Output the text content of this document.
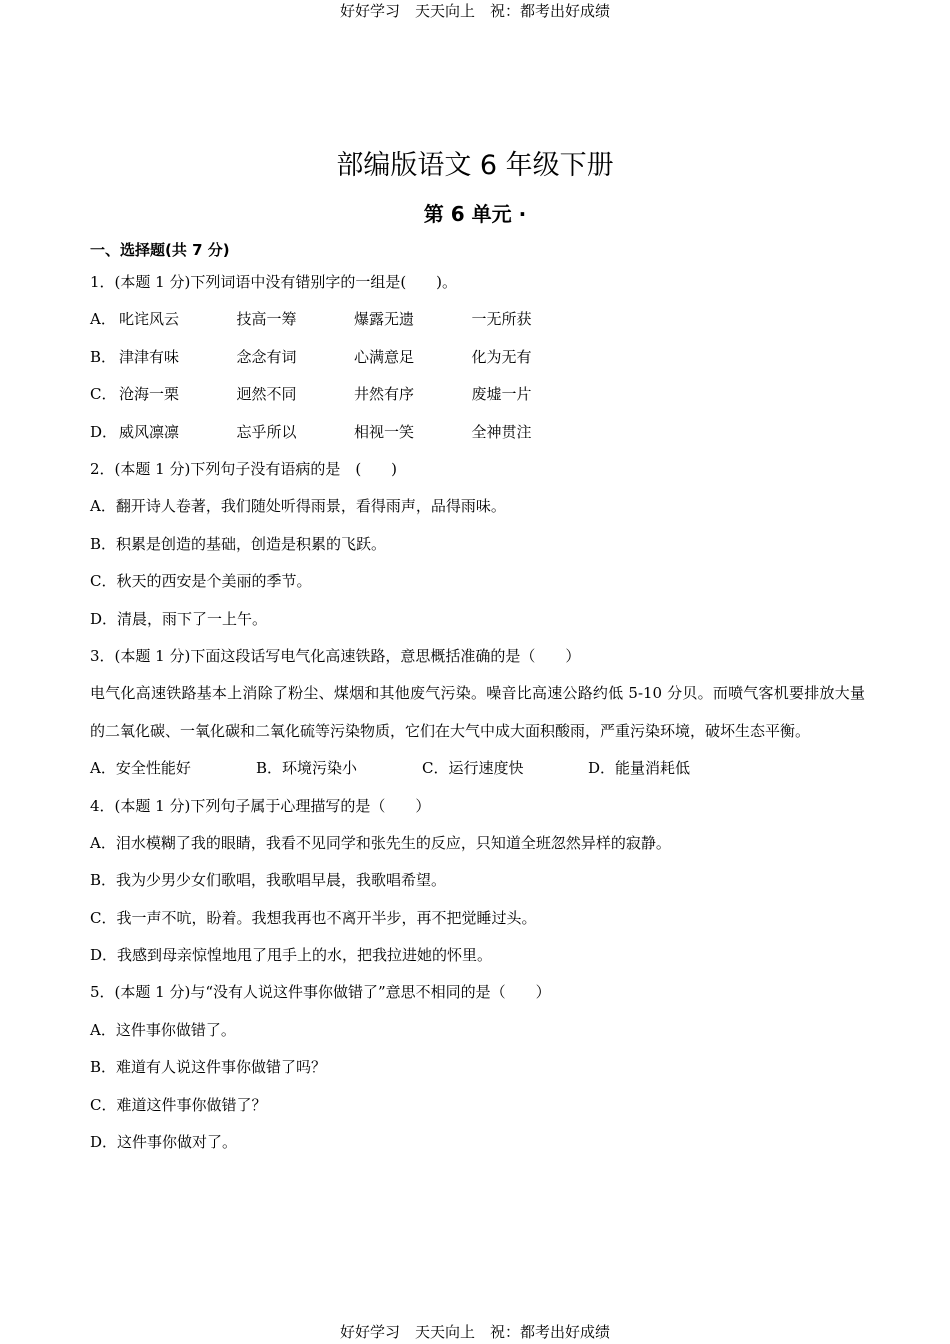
好好学习　天天向上　祝：都考出好成绩
部编版语文 6 年级下册
第 6 单元 ·
一、选择题(共 7 分)
1．(本题 1 分)下列词语中没有错别字的一组是(　　)。
A． 叱诧风云	技高一筹	爆露无遗	一无所获
B． 津津有味	念念有词	心满意足	化为无有
C． 沧海一栗	迥然不同	井然有序	废墟一片
D． 威风凛凛	忘乎所以	相视一笑	全神贯注
2．(本题 1 分)下列句子没有语病的是　(　　)
A．翻开诗人卷著，我们随处听得雨景，看得雨声，品得雨味。
B．积累是创造的基础，创造是积累的飞跃。
C．秋天的西安是个美丽的季节。
D．清晨，雨下了一上午。
3．(本题 1 分)下面这段话写电气化高速铁路，意思概括准确的是（　　）
电气化高速铁路基本上消除了粉尘、煤烟和其他废气污染。噪音比高速公路约低 5-10 分贝。而喷气客机要排放大量的二氧化碳、一氧化碳和二氧化硫等污染物质，它们在大气中成大面积酸雨，严重污染环境，破坏生态平衡。
A．安全性能好	B．环境污染小	C．运行速度快	D．能量消耗低
4．(本题 1 分)下列句子属于心理描写的是（　　）
A．泪水模糊了我的眼睛，我看不见同学和张先生的反应，只知道全班忽然异样的寂静。
B．我为少男少女们歌唱，我歌唱早晨，我歌唱希望。
C．我一声不吭，盼着。我想我再也不离开半步，再不把觉睡过头。
D．我感到母亲惊惶地甩了甩手上的水，把我拉进她的怀里。
5．(本题 1 分)与“没有人说这件事你做错了”意思不相同的是（　　）
A．这件事你做错了。
B．难道有人说这件事你做错了吗？
C．难道这件事你做错了？
D．这件事你做对了。
好好学习　天天向上　祝：都考出好成绩
